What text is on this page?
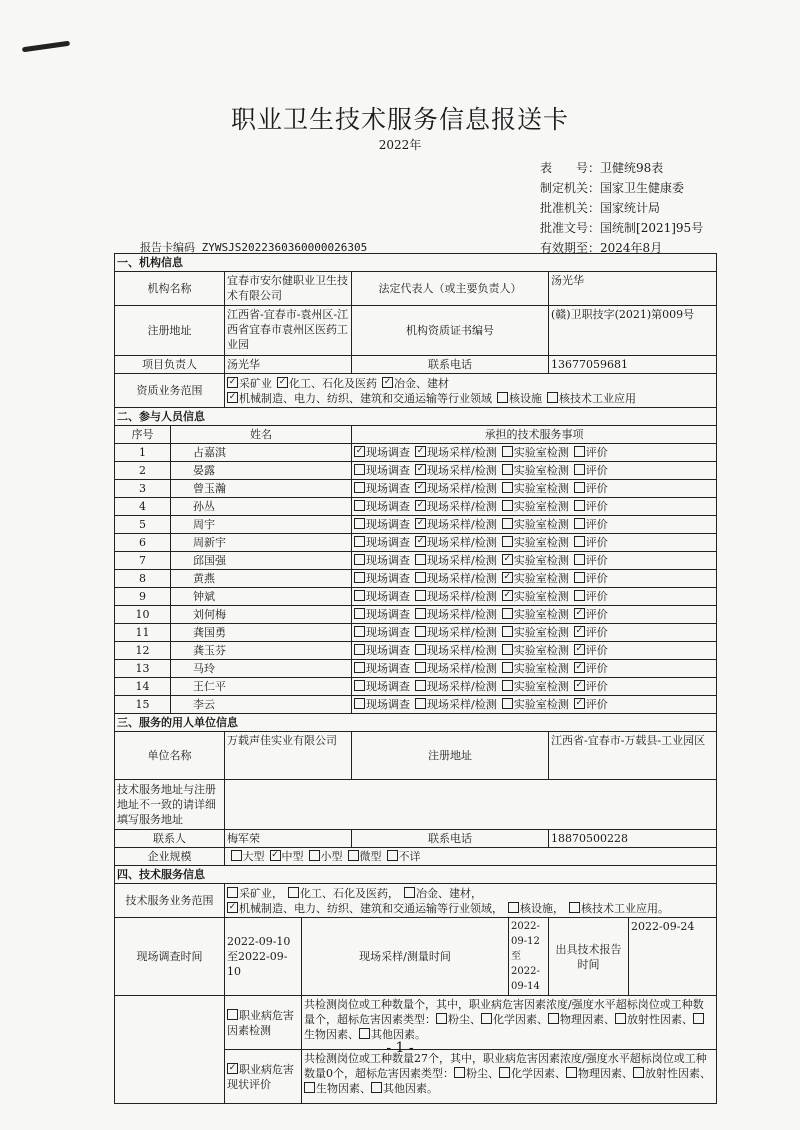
职业卫生技术服务信息报送卡
2022年
表　　号：卫健统98表
制定机关：国家卫生健康委
批准机关：国家统计局
批准文号：国统制[2021]95号
有效期至：2024年8月
报告卡编码 ZYWSJS2022360360000026305
一、机构信息							
机构名称		宜春市安尔健职业卫生技术有限公司		法定代表人（或主要负责人）		汤光华	
注册地址		江西省-宜春市-袁州区-江西省宜春市袁州区医药工业园		机构资质证书编号		(赣)卫职技字(2021)第009号	
项目负责人		汤光华		联系电话		13677059681	
资质业务范围	✓采矿业 ✓ 化工、石化及医药 ✓ 冶金、建材✓机械制造、电力、纺织、建筑和交通运输等行业领域 核设施 核技术工业应用
二、参与人员信息							
序号	姓名			承担的技术服务事项			
1	占嘉淇	✓现场调查 ✓ 现场采样/检测 实验室检测 评价
2	晏露			现场调查 ✓ 现场采样/检测 实验室检测 评价
3	曾玉瀚			现场调查 ✓ 现场采样/检测 实验室检测 评价
4	孙丛			现场调查 ✓ 现场采样/检测 实验室检测 评价
5	周宇			现场调查 ✓ 现场采样/检测 实验室检测 评价
6	周新宇			现场调查 ✓ 现场采样/检测 实验室检测 评价
7	邱国强			现场调查 现场采样/检测 ✓ 实验室检测 评价
8	黄燕			现场调查 现场采样/检测 ✓ 实验室检测 评价
9	钟斌			现场调查 现场采样/检测 ✓ 实验室检测 评价
10	刘何梅			现场调查 现场采样/检测 实验室检测 ✓ 评价
11	龚国勇			现场调查 现场采样/检测 实验室检测 ✓ 评价
12	龚玉芬			现场调查 现场采样/检测 实验室检测 ✓ 评价
13	马玲			现场调查 现场采样/检测 实验室检测 ✓ 评价
14	王仁平			现场调查 现场采样/检测 实验室检测 ✓ 评价
15	李云			现场调查 现场采样/检测 实验室检测 ✓ 评价
三、服务的用人单位信息							
单位名称		万载声佳实业有限公司		注册地址		江西省-宜春市-万载县-工业园区	
技术服务地址与注册地址不一致的请详细填写服务地址							
联系人		梅军荣		联系电话		18870500228	
企业规模		大型 ✓ 中型 小型 微型 不详
四、技术服务信息							
技术服务业务范围		采矿业， 化工、石化及医药， 冶金、建材，✓机械制造、电力、纺织、建筑和交通运输等行业领域， 核设施， 核技术工业应用。
现场调查时间		2022-09-10至2022-09-10	现场采样/测量时间		2022-09-12至2022-09-14	出具技术报告时间	2022-09-24
		职业病危害因素检测	共检测岗位或工种数量个，其中，职业病危害因素浓度/强度水平超标岗位或工种数量个，超标危害因素类型： 粉尘、 化学因素、 物理因素、 放射性因素、生物因素、 其他因素。				
✓职业病危害现状评价	共检测岗位或工种数量27个，其中，职业病危害因素浓度/强度水平超标岗位或工种数量0个，超标危害因素类型： 粉尘、 化学因素、 物理因素、 放射性因素、生物因素、 其他因素。				
- 1 -
